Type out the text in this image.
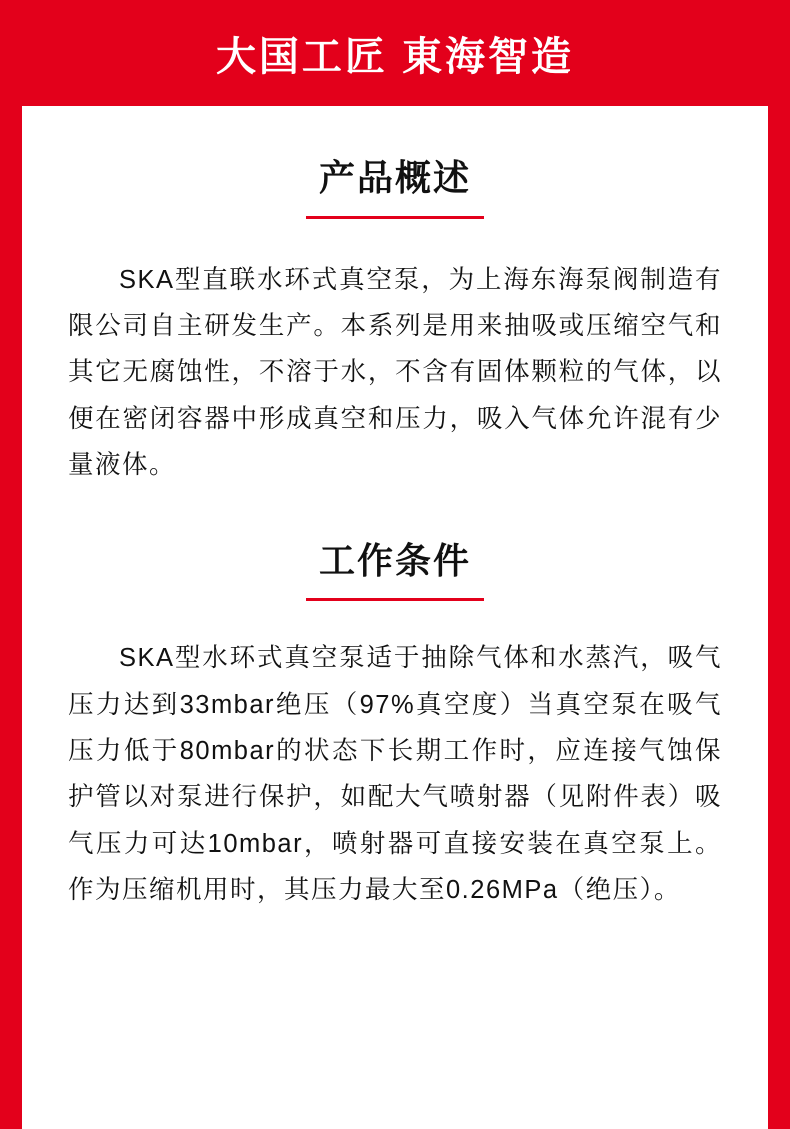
大国工匠 東海智造
产品概述
SKA型直联水环式真空泵，为上海东海泵阀制造有限公司自主研发生产。本系列是用来抽吸或压缩空气和其它无腐蚀性，不溶于水，不含有固体颗粒的气体，以便在密闭容器中形成真空和压力，吸入气体允许混有少量液体。
工作条件
SKA型水环式真空泵适于抽除气体和水蒸汽，吸气压力达到33mbar绝压（97%真空度）当真空泵在吸气压力低于80mbar的状态下长期工作时，应连接气蚀保护管以对泵进行保护，如配大气喷射器（见附件表）吸气压力可达10mbar，喷射器可直接安装在真空泵上。作为压缩机用时，其压力最大至0.26MPa（绝压）。
